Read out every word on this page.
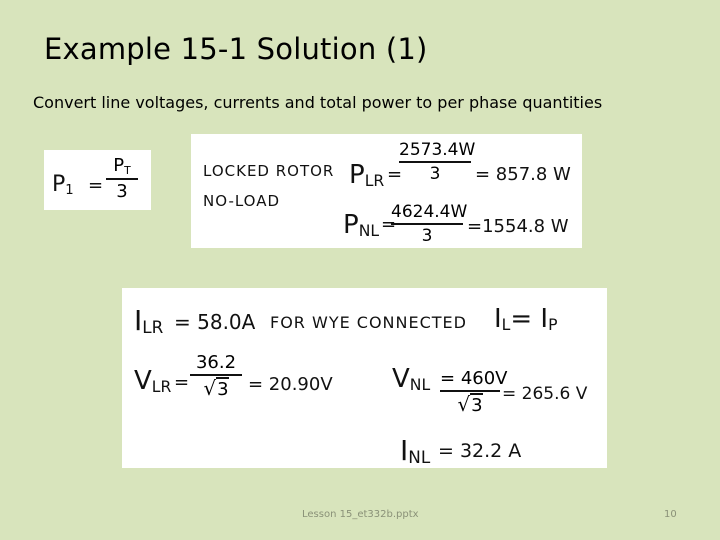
Example 15-1 Solution (1)
Convert line voltages, currents and total power to per phase quantities
$P_1$ =
$P_T$
3
LOCKED ROTOR $P_{LR}$ =
2573.4W
3	= 857.8 W
NO-LOAD
$P_{NL}$ =
4624.4W
3	=1554.8 W
$I_{LR} = 58.0A$ FOR WYE CONNECTED $I_L= I_P$
$V_{LR}$ =
36.2
√3	= 20.90V $V_{NL} = 460V$
√3
= 265.6 V
$I_{NL} = 32.2$ A
Lesson 15_et332b.pptx	10
